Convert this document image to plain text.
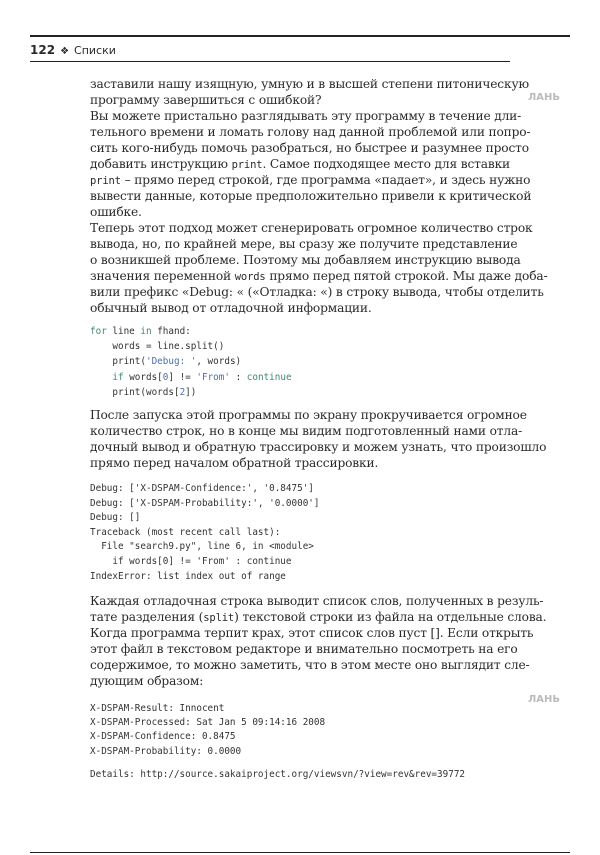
122 ❖ Списки
заставили нашу изящную, умную и в высшей степени питоническую
программу завершиться с ошибкой?
Вы можете пристально разглядывать эту программу в течение дли-
тельного времени и ломать голову над данной проблемой или попро-
сить кого-нибудь помочь разобраться, но быстрее и разумнее просто
добавить инструкцию print. Самое подходящее место для вставки
print – прямо перед строкой, где программа «падает», и здесь нужно
вывести данные, которые предположительно привели к критической
ошибке.
Теперь этот подход может сгенерировать огромное количество строк
вывода, но, по крайней мере, вы сразу же получите представление
о возникшей проблеме. Поэтому мы добавляем инструкцию вывода
значения переменной words прямо перед пятой строкой. Мы даже доба-
вили префикс «Debug: « («Отладка: «) в строку вывода, чтобы отделить
обычный вывод от отладочной информации.
for line in fhand:
words = line.split()
print('Debug: ', words)
if words[0] != 'From' : continue
print(words[2])
После запуска этой программы по экрану прокручивается огромное
количество строк, но в конце мы видим подготовленный нами отла-
дочный вывод и обратную трассировку и можем узнать, что произошло
прямо перед началом обратной трассировки.
Debug: ['X-DSPAM-Confidence:', '0.8475']
Debug: ['X-DSPAM-Probability:', '0.0000']
Debug: []
Traceback (most recent call last):
File "search9.py", line 6, in <module>
if words[0] != 'From' : continue
IndexError: list index out of range
Каждая отладочная строка выводит список слов, полученных в резуль-
тате разделения (split) текстовой строки из файла на отдельные слова.
Когда программа терпит крах, этот список слов пуст []. Если открыть
этот файл в текстовом редакторе и внимательно посмотреть на его
содержимое, то можно заметить, что в этом месте оно выглядит сле-
дующим образом:
X-DSPAM-Result: Innocent
X-DSPAM-Processed: Sat Jan 5 09:14:16 2008
X-DSPAM-Confidence: 0.8475
X-DSPAM-Probability: 0.0000
Details: http://source.sakaiproject.org/viewsvn/?view=rev&rev=39772
ЛАНЬ
ЛАНЬ
